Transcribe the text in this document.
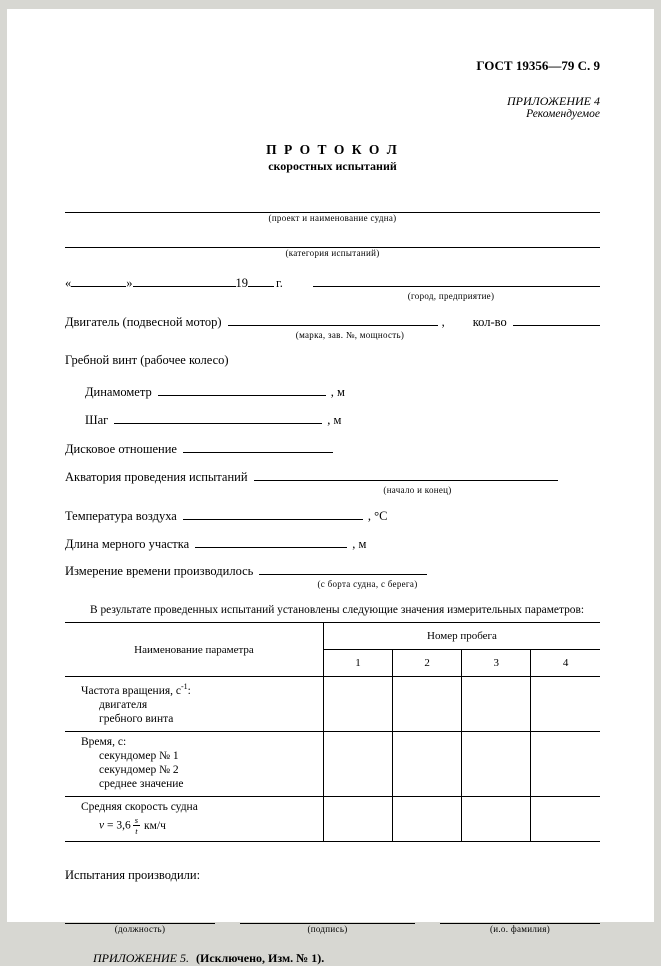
ГОСТ 19356—79 С. 9
ПРИЛОЖЕНИЕ 4
Рекомендуемое
П Р О Т О К О Л
скоростных испытаний
(проект и наименование судна)
(категория испытаний)
«	»	19 г.
(город, предприятие)
Двигатель (подвесной мотор)	, кол-во
(марка, зав. №, мощность)
Гребной винт (рабочее колесо)
Динамометр	, м
Шаг	, м
Дисковое отношение
Акватория проведения испытаний
(начало и конец)
Температура воздуха	, °С
Длина мерного участка	, м
Измерение времени производилось
(с борта судна, с берега)
В результате проведенных испытаний установлены следующие значения измерительных параметров:
Наименование параметра	Номер пробега			
	1	2	3	4

Частота вращения, $с^{-1}$:
двигателя
гребного винта				

Время, с:
секундомер № 1
секундомер № 2
среднее значение				

Средняя скорость судна
$v = 3,6 \frac{s}{t} км/ч$				

Испытания производили:
(должность)	(подпись)	(и.о. фамилия)
ПРИЛОЖЕНИЕ 5. (Исключено, Изм. № 1).
